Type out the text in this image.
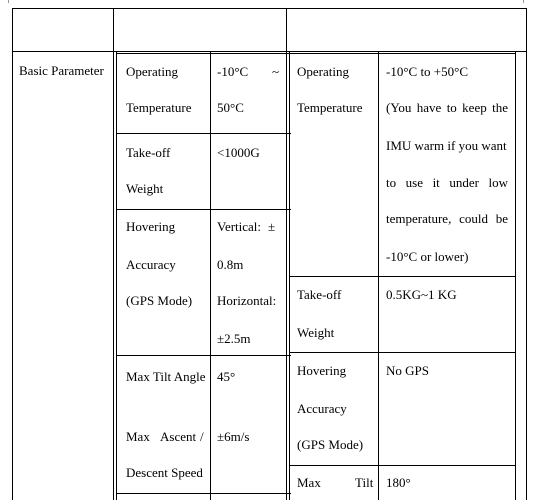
Basic Parameter Operating
Temperature
-10°C ~
50°C
Take-off
Weight
<1000G
Hovering
Accuracy
(GPS Mode)
Vertical: ±
0.8m
Horizontal:
±2.5m
Max Tilt Angle 45°
Max Ascent /
Descent Speed
±6m/s
Operating
Temperature
-10°C to +50°C
(You have to keep the
IMU warm if you want
to use it under low
temperature, could be
-10°C or lower)
Take-off
Weight
0.5KG~1 KG
Hovering
Accuracy
(GPS Mode)
No GPS
Max	Tilt 180°
